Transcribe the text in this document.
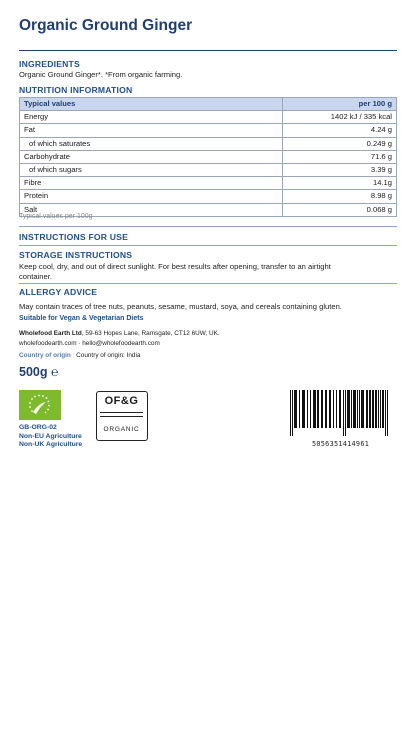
Organic Ground Ginger
INGREDIENTS
Organic Ground Ginger*. *From organic farming.
NUTRITION INFORMATION
Typical values	per 100 g
Energy	1402 kJ / 335 kcal
Fat	4.24 g
of which saturates	0.249 g
Carbohydrate	71.6 g
of which sugars	3.39 g
Fibre	14.1g
Protein	8.98 g
Salt	0.068 g
Typical values per 100g
INSTRUCTIONS FOR USE
STORAGE INSTRUCTIONS
Keep cool, dry, and out of direct sunlight. For best results after opening, transfer to an airtight
container.
ALLERGY ADVICE
May contain traces of tree nuts, peanuts, sesame, mustard, soya, and cereals containing gluten.
Suitable for Vegan & Vegetarian Diets
Wholefood Earth Ltd, 59-63 Hopes Lane, Ramsgate, CT12 6UW, UK.
wholefoodearth.com · hello@wholefoodearth.com
Country of origin Country of origin: India
500g ℮
GB-ORG-02
Non-EU Agriculture
Non-UK Agriculture
OF&G
ORGANIC
5056351414961
